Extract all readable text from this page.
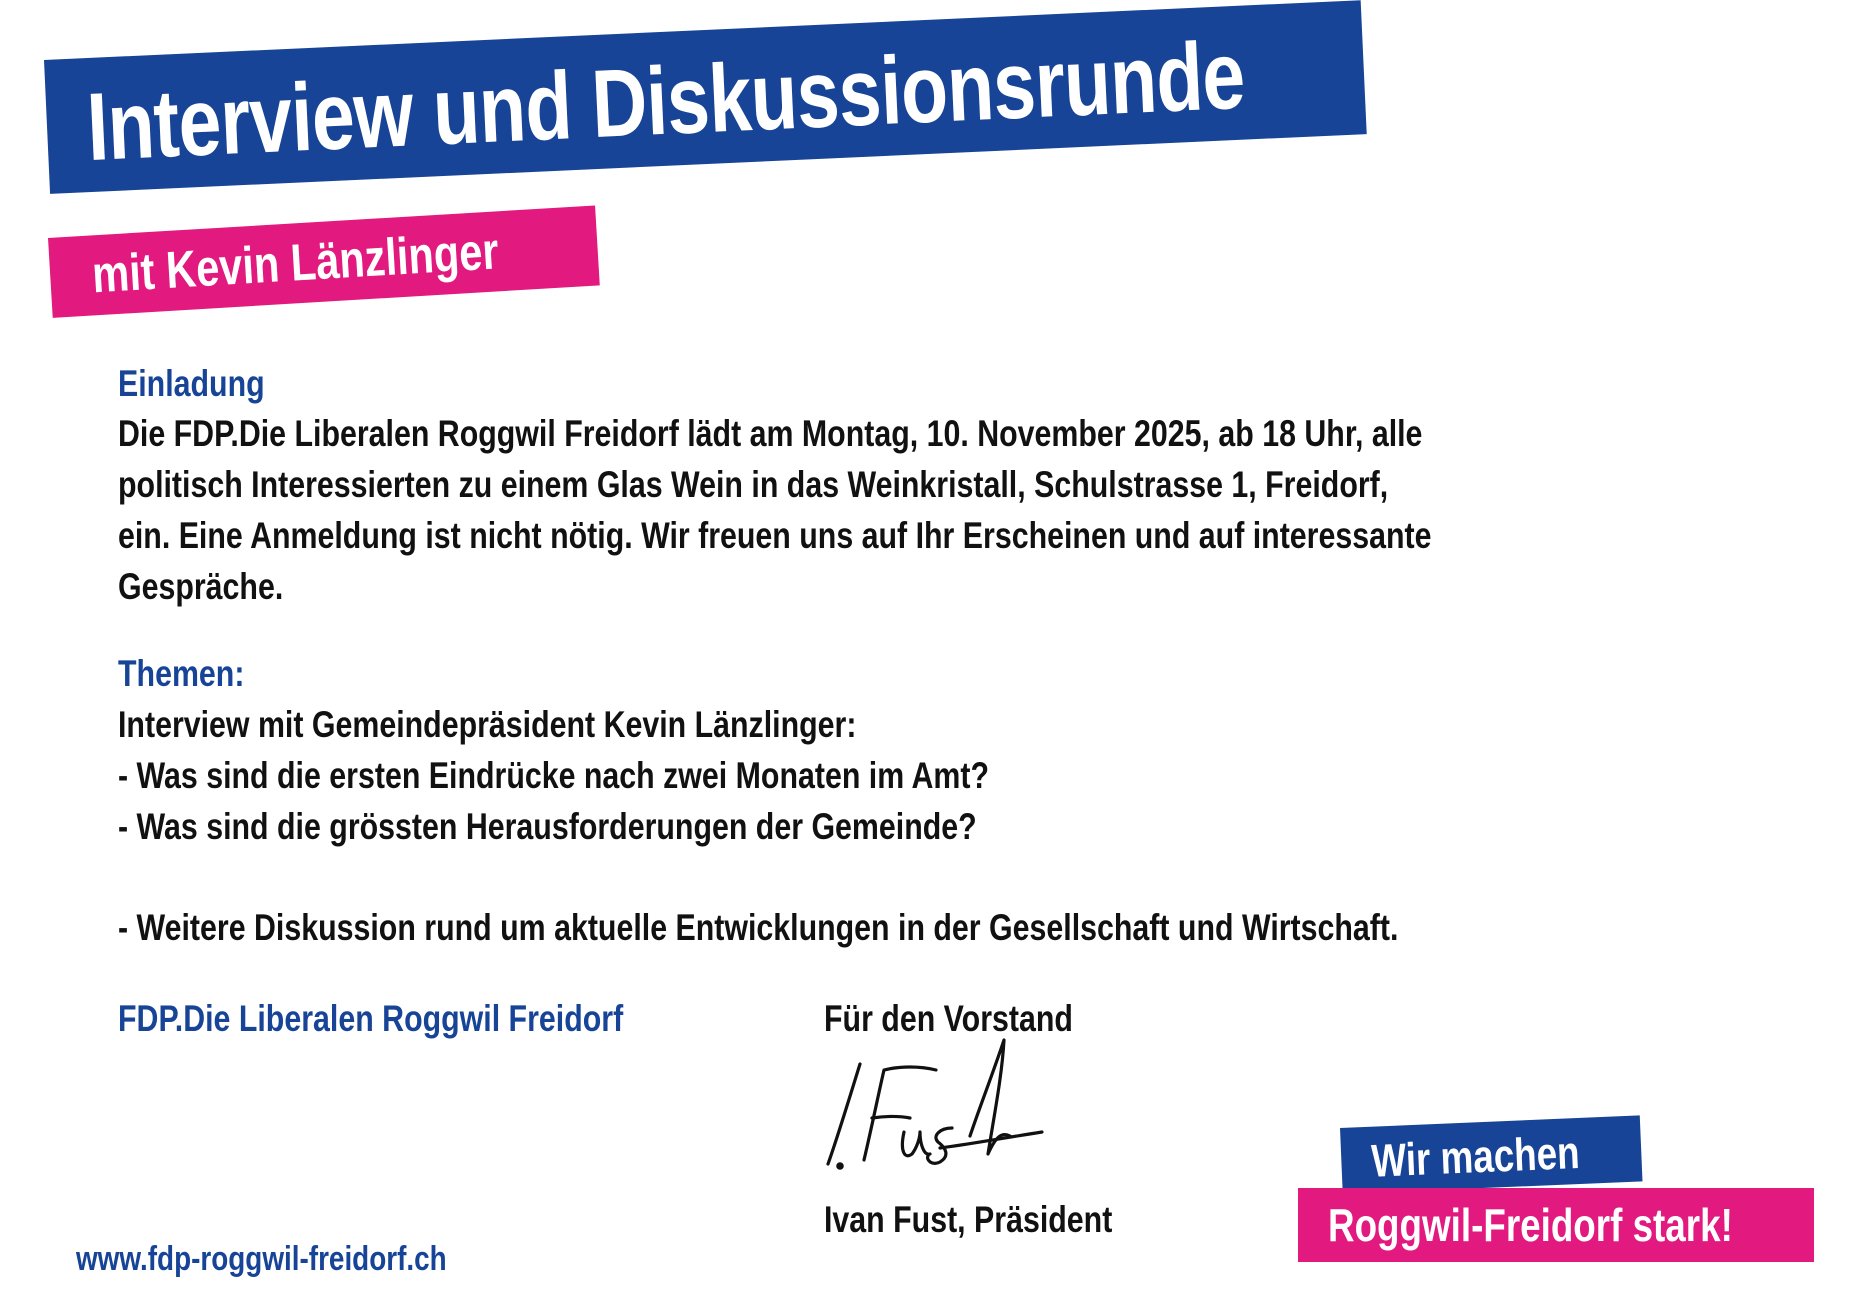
Interview und Diskussionsrunde
mit Kevin Länzlinger
Einladung
Die FDP.Die Liberalen Roggwil Freidorf lädt am Montag, 10. November 2025, ab 18 Uhr, alle
politisch Interessierten zu einem Glas Wein in das Weinkristall, Schulstrasse 1, Freidorf,
ein. Eine Anmeldung ist nicht nötig. Wir freuen uns auf Ihr Erscheinen und auf interessante
Gespräche.
Themen:
Interview mit Gemeindepräsident Kevin Länzlinger:
- Was sind die ersten Eindrücke nach zwei Monaten im Amt?
- Was sind die grössten Herausforderungen der Gemeinde?
- Weitere Diskussion rund um aktuelle Entwicklungen in der Gesellschaft und Wirtschaft.
FDP.Die Liberalen Roggwil Freidorf	Für den Vorstand
Ivan Fust, Präsident
www.fdp-roggwil-freidorf.ch
Wir machen
Roggwil-Freidorf stark!
